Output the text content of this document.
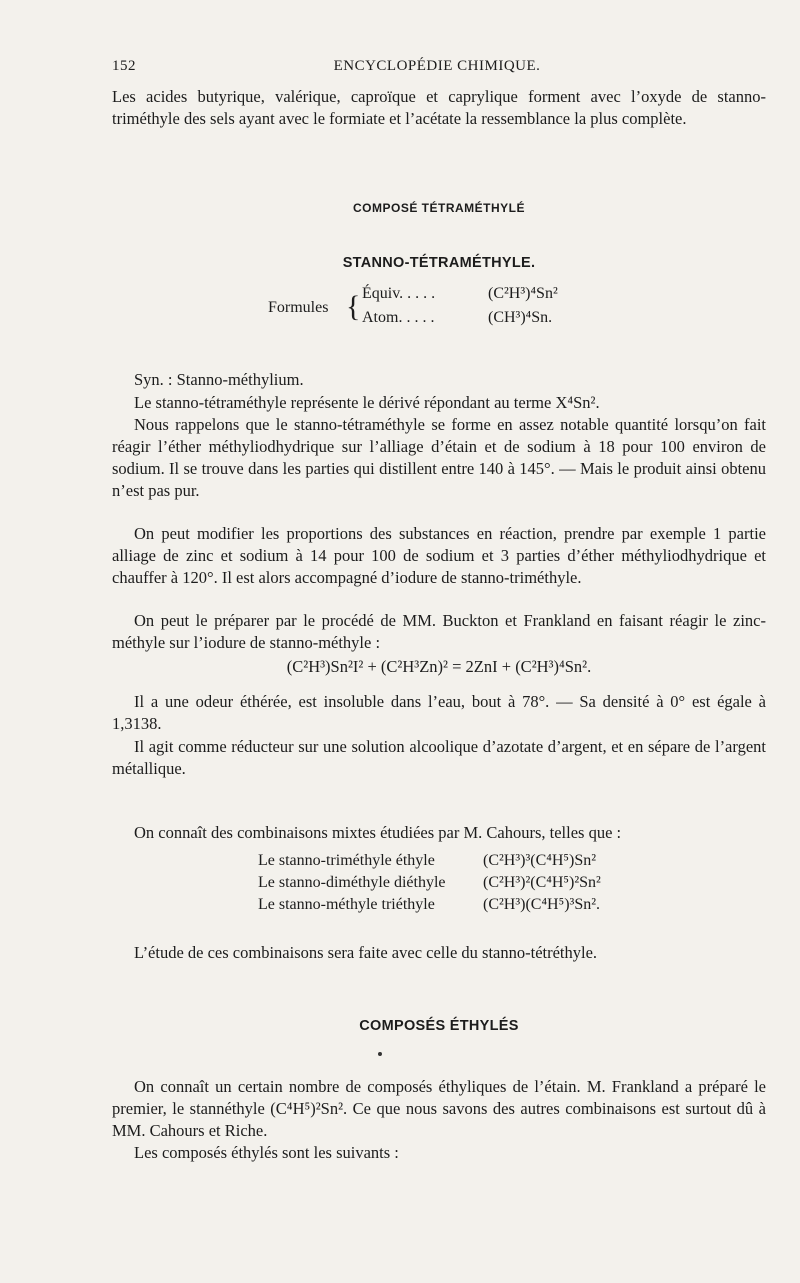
152	ENCYCLOPÉDIE CHIMIQUE.
Les acides butyrique, valérique, caproïque et caprylique forment avec l’oxyde de stanno-triméthyle des sels ayant avec le formiate et l’acétate la ressemblance la plus complète.
COMPOSÉ TÉTRAMÉTHYLÉ
STANNO-TÉTRAMÉTHYLE.
Formules { Équiv. . . . .	(C²H³)⁴Sn²
Atom. . . . .	(CH³)⁴Sn.
Syn. : Stanno-méthylium.
Le stanno-tétraméthyle représente le dérivé répondant au terme X⁴Sn².
Nous rappelons que le stanno-tétraméthyle se forme en assez notable quantité lorsqu’on fait réagir l’éther méthyliodhydrique sur l’alliage d’étain et de sodium à 18 pour 100 environ de sodium. Il se trouve dans les parties qui distillent entre 140 à 145°. — Mais le produit ainsi obtenu n’est pas pur.
On peut modifier les proportions des substances en réaction, prendre par exemple 1 partie alliage de zinc et sodium à 14 pour 100 de sodium et 3 parties d’éther méthyliodhydrique et chauffer à 120°. Il est alors accompagné d’iodure de stanno-triméthyle.
On peut le préparer par le procédé de MM. Buckton et Frankland en faisant réagir le zinc-méthyle sur l’iodure de stanno-méthyle :
(C²H³)Sn²I² + (C²H³Zn)² = 2ZnI + (C²H³)⁴Sn².
Il a une odeur éthérée, est insoluble dans l’eau, bout à 78°. — Sa densité à 0° est égale à 1,3138.
Il agit comme réducteur sur une solution alcoolique d’azotate d’argent, et en sépare de l’argent métallique.
On connaît des combinaisons mixtes étudiées par M. Cahours, telles que :
Le stanno-triméthyle éthyle	(C²H³)³(C⁴H⁵)Sn²
Le stanno-diméthyle diéthyle (C²H³)²(C⁴H⁵)²Sn²
Le stanno-méthyle triéthyle	(C²H³)(C⁴H⁵)³Sn².
L’étude de ces combinaisons sera faite avec celle du stanno-tétréthyle.
COMPOSÉS ÉTHYLÉS
On connaît un certain nombre de composés éthyliques de l’étain. M. Frankland a préparé le premier, le stannéthyle (C⁴H⁵)²Sn². Ce que nous savons des autres combinaisons est surtout dû à MM. Cahours et Riche.
Les composés éthylés sont les suivants :
